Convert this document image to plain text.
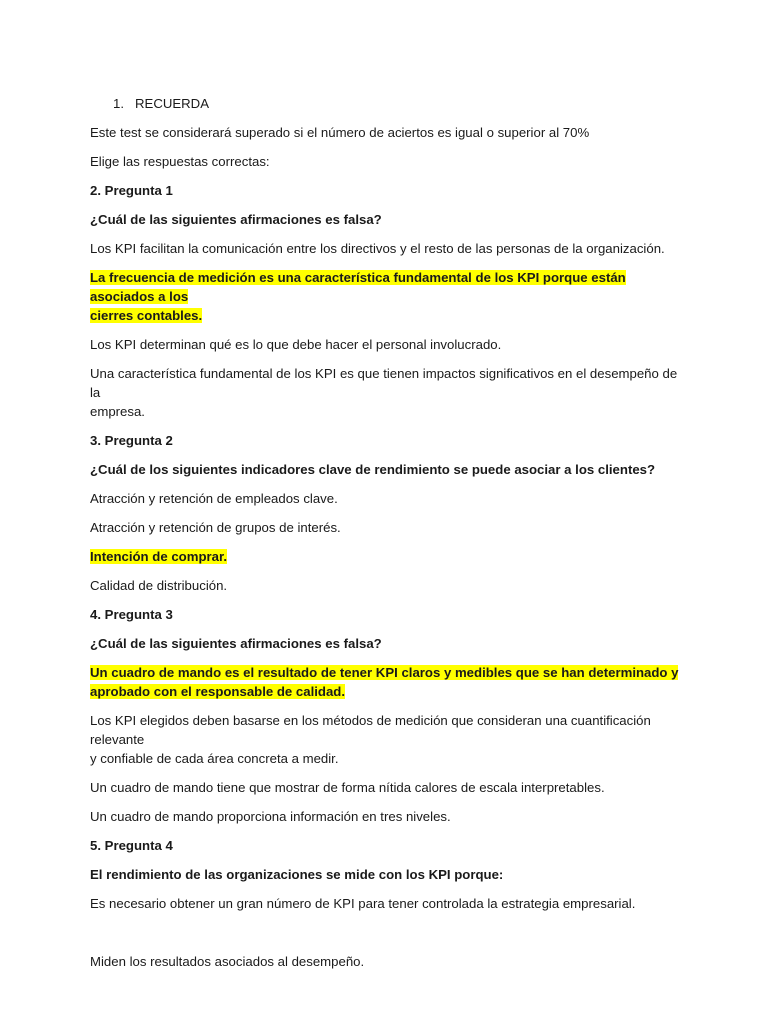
1. RECUERDA

Este test se considerará superado si el número de aciertos es igual o superior al 70%

Elige las respuestas correctas:

2. Pregunta 1

¿Cuál de las siguientes afirmaciones es falsa?

Los KPI facilitan la comunicación entre los directivos y el resto de las personas de la organización.

La frecuencia de medición es una característica fundamental de los KPI porque están asociados a los

cierres contables.

Los KPI determinan qué es lo que debe hacer el personal involucrado.

Una característica fundamental de los KPI es que tienen impactos significativos en el desempeño de la

empresa.

3. Pregunta 2

¿Cuál de los siguientes indicadores clave de rendimiento se puede asociar a los clientes?

Atracción y retención de empleados clave.

Atracción y retención de grupos de interés.

Intención de comprar.

Calidad de distribución.

4. Pregunta 3

¿Cuál de las siguientes afirmaciones es falsa?

Un cuadro de mando es el resultado de tener KPI claros y medibles que se han determinado y

aprobado con el responsable de calidad.

Los KPI elegidos deben basarse en los métodos de medición que consideran una cuantificación relevante

y confiable de cada área concreta a medir.

Un cuadro de mando tiene que mostrar de forma nítida calores de escala interpretables.

Un cuadro de mando proporciona información en tres niveles.

5. Pregunta 4

El rendimiento de las organizaciones se mide con los KPI porque:

Es necesario obtener un gran número de KPI para tener controlada la estrategia empresarial.

Miden los resultados asociados al desempeño.
